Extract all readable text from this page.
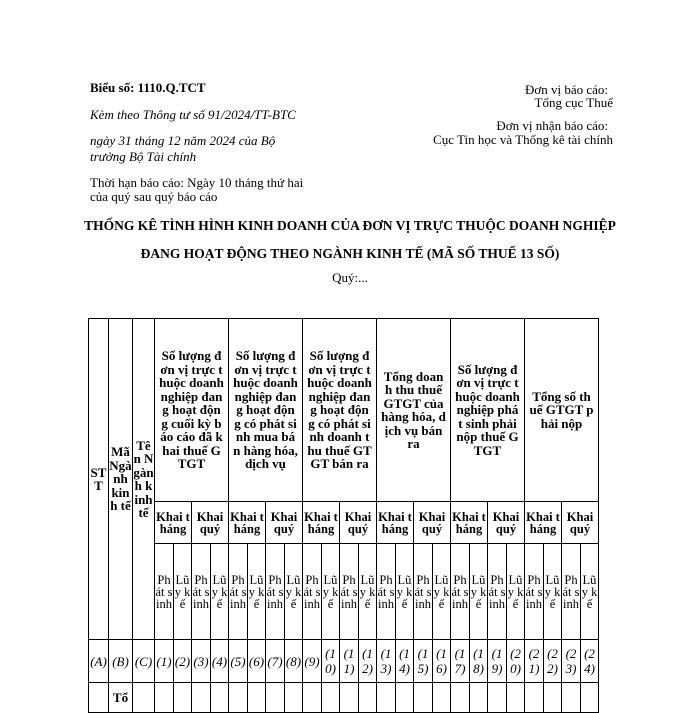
Biểu số: 1110.Q.TCT
Kèm theo Thông tư số 91/2024/TT-BTC
ngày 31 tháng 12 năm 2024 của Bộ
trưởng Bộ Tài chính
Thời hạn báo cáo: Ngày 10 tháng thứ hai
của quý sau quý báo cáo
Đơn vị báo cáo:
Tổng cục Thuế
Đơn vị nhận báo cáo:
Cục Tin học và Thống kê tài chính
THỐNG KÊ TÌNH HÌNH KINH DOANH CỦA ĐƠN VỊ TRỰC THUỘC DOANH NGHIỆP
ĐANG HOẠT ĐỘNG THEO NGÀNH KINH TẾ (MÃ SỐ THUẾ 13 SỐ)
Quý:...
STT	Mã Ngành kinh tế	Tên Ngành kinh tế	Số lượng đơn vị trực thuộc doanh nghiệp đang hoạt động cuối kỳ báo cáo đã khai thuế GTGT				Số lượng đơn vị trực thuộc doanh nghiệp đang hoạt động có phát sinh mua bán hàng hóa, dịch vụ				Số lượng đơn vị trực thuộc doanh nghiệp đang hoạt động có phát sinh doanh thu thuế GTGT bán ra				Tổng doanh thu thuế GTGT của hàng hóa, dịch vụ bán ra				Số lượng đơn vị trực thuộc doanh nghiệp phát sinh phải nộp thuế GTGT				Tổng số thuế GTGT phải nộp			
			Khai tháng		Khai quý		Khai tháng		Khai quý		Khai tháng		Khai quý		Khai tháng		Khai quý		Khai tháng		Khai quý		Khai tháng		Khai quý	
			Phát sinh	Lũy kế	Phát sinh	Lũy kế	Phát sinh	Lũy kế	Phát sinh	Lũy kế	Phát sinh	Lũy kế	Phát sinh	Lũy kế	Phát sinh	Lũy kế	Phát sinh	Lũy kế	Phát sinh	Lũy kế	Phát sinh	Lũy kế	Phát sinh	Lũy kế	Phát sinh	Lũy kế
(A)	(B)	(C)	(1)	(2)	(3)	(4)	(5)	(6)	(7)	(8)	(9)	(10)	(11)	(12)	(13)	(14)	(15)	(16)	(17)	(18)	(19)	(20)	(21)	(22)	(23)	(24)
	Tổ																									
